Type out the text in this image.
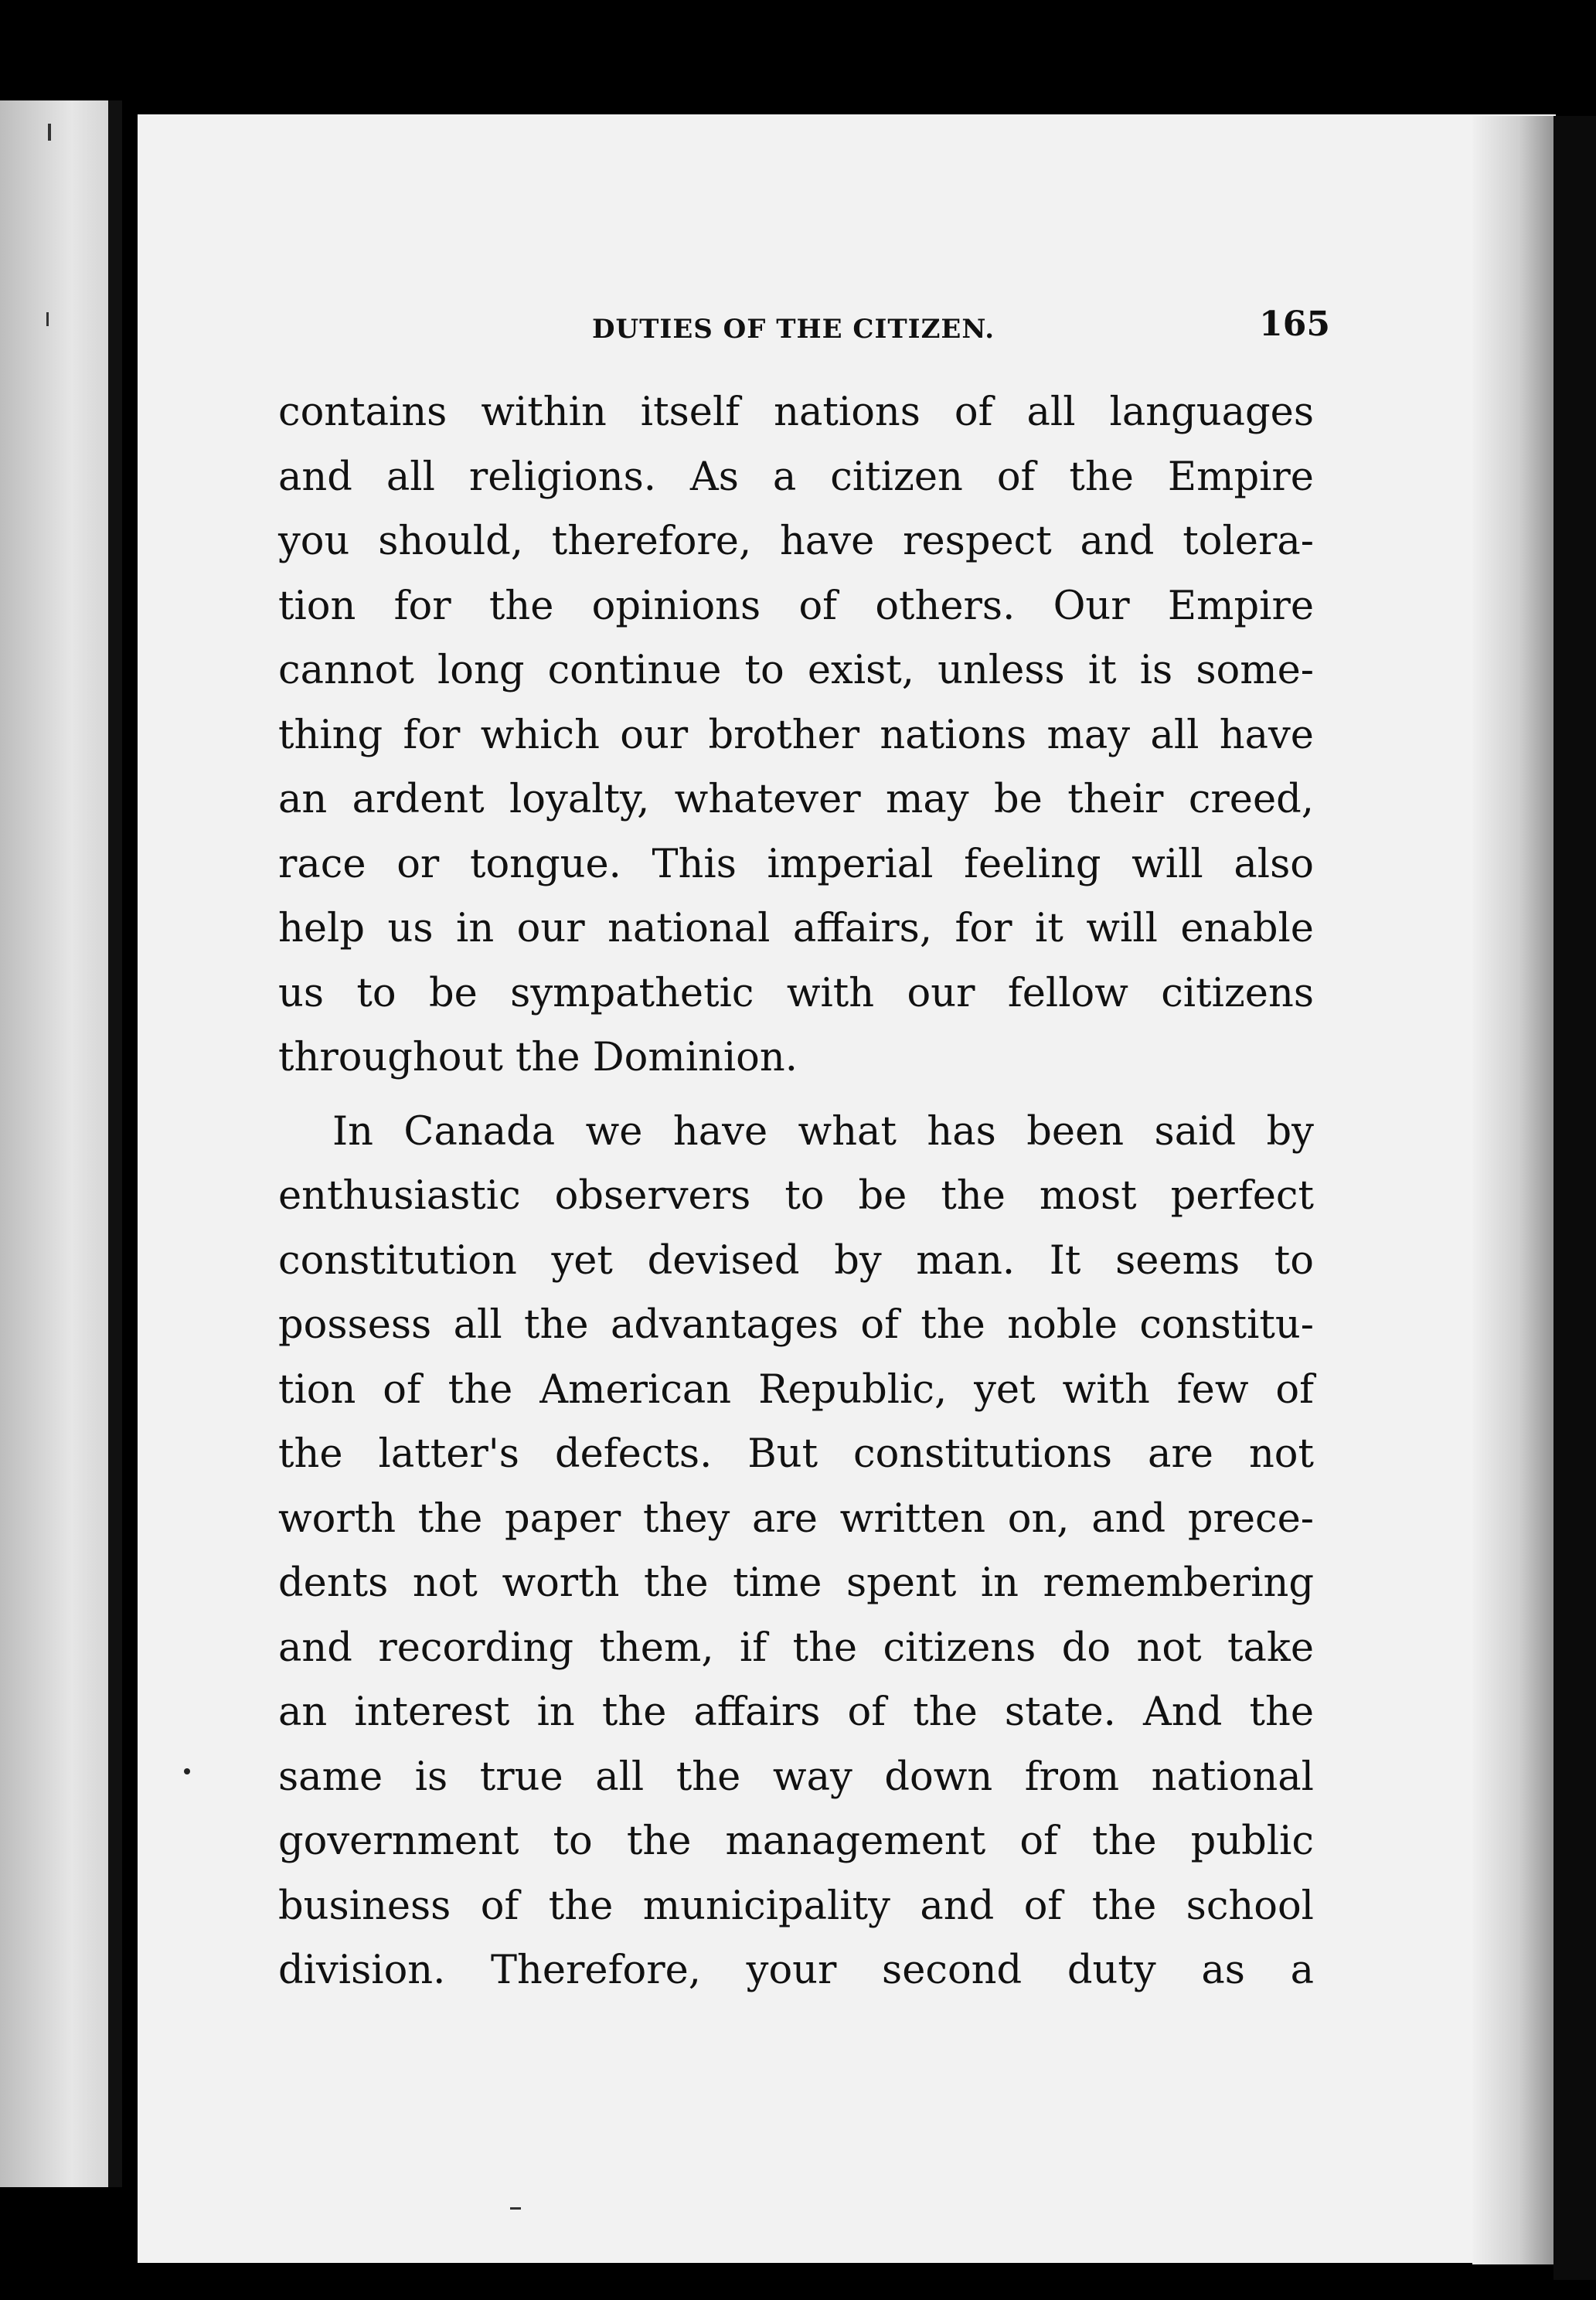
DUTIES OF THE CITIZEN.	165
contains within itself nations of all languages
and all religions. As a citizen of the Empire
you should, therefore, have respect and tolera-
tion for the opinions of others. Our Empire
cannot long continue to exist, unless it is some-
thing for which our brother nations may all have
an ardent loyalty, whatever may be their creed,
race or tongue. This imperial feeling will also
help us in our national affairs, for it will enable
us to be sympathetic with our fellow citizens
throughout the Dominion.
In Canada we have what has been said by
enthusiastic observers to be the most perfect
constitution yet devised by man. It seems to
possess all the advantages of the noble constitu-
tion of the American Republic, yet with few of
the latter's defects. But constitutions are not
worth the paper they are written on, and prece-
dents not worth the time spent in remembering
and recording them, if the citizens do not take
an interest in the affairs of the state. And the
same is true all the way down from national
government to the management of the public
business of the municipality and of the school
division. Therefore, your second duty as a
